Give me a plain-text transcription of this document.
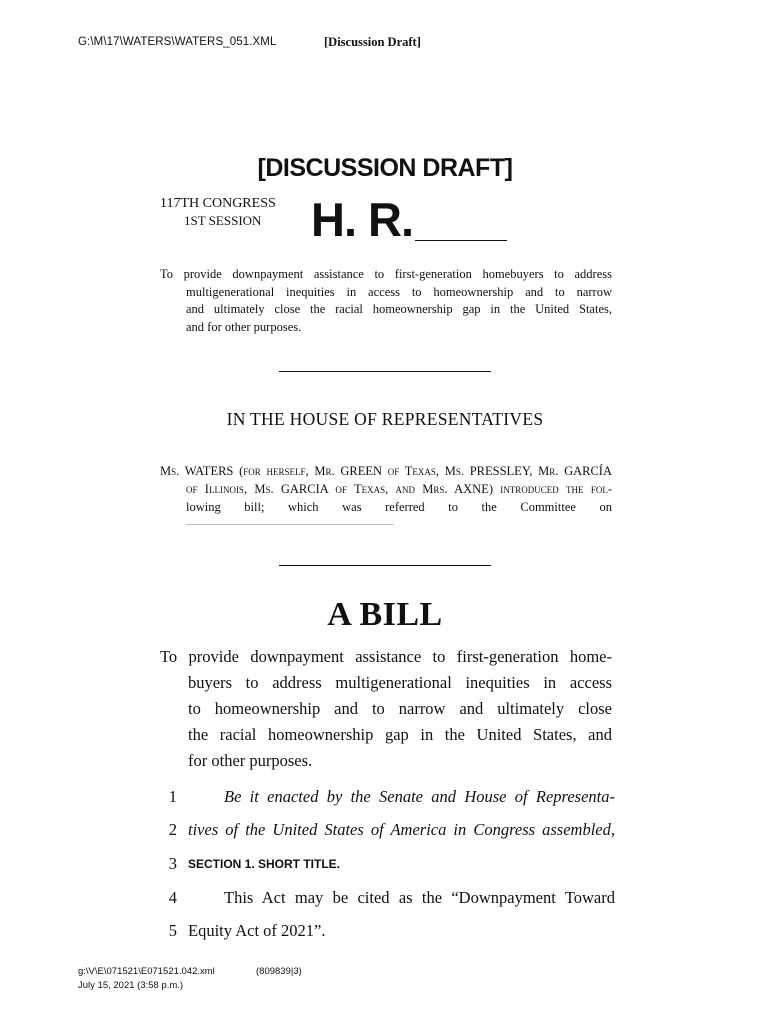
G:\M\17\WATERS\WATERS_051.XML	[Discussion Draft]
[DISCUSSION DRAFT]
117TH CONGRESS
1ST SESSION H. R.
To provide downpayment assistance to first-generation homebuyers to address
multigenerational inequities in access to homeownership and to narrow
and ultimately close the racial homeownership gap in the United States,
and for other purposes.
IN THE HOUSE OF REPRESENTATIVES
Ms. WATERS (for herself, Mr. GREEN of Texas, Ms. PRESSLEY, Mr. GARCÍA
of Illinois, Ms. GARCIA of Texas, and Mrs. AXNE) introduced the fol-
lowing bill; which was referred to the Committee on
A BILL
To provide downpayment assistance to first-generation home-
buyers to address multigenerational inequities in access
to homeownership and to narrow and ultimately close
the racial homeownership gap in the United States, and
for other purposes.
1	Be it enacted by the Senate and House of Representa-
2 tives of the United States of America in Congress assembled,
3 SECTION 1. SHORT TITLE.
4	This Act may be cited as the “Downpayment Toward
5 Equity Act of 2021”.
g:\V\E\071521\E071521.042.xml
July 15, 2021 (3:58 p.m.)
(809839|3)
